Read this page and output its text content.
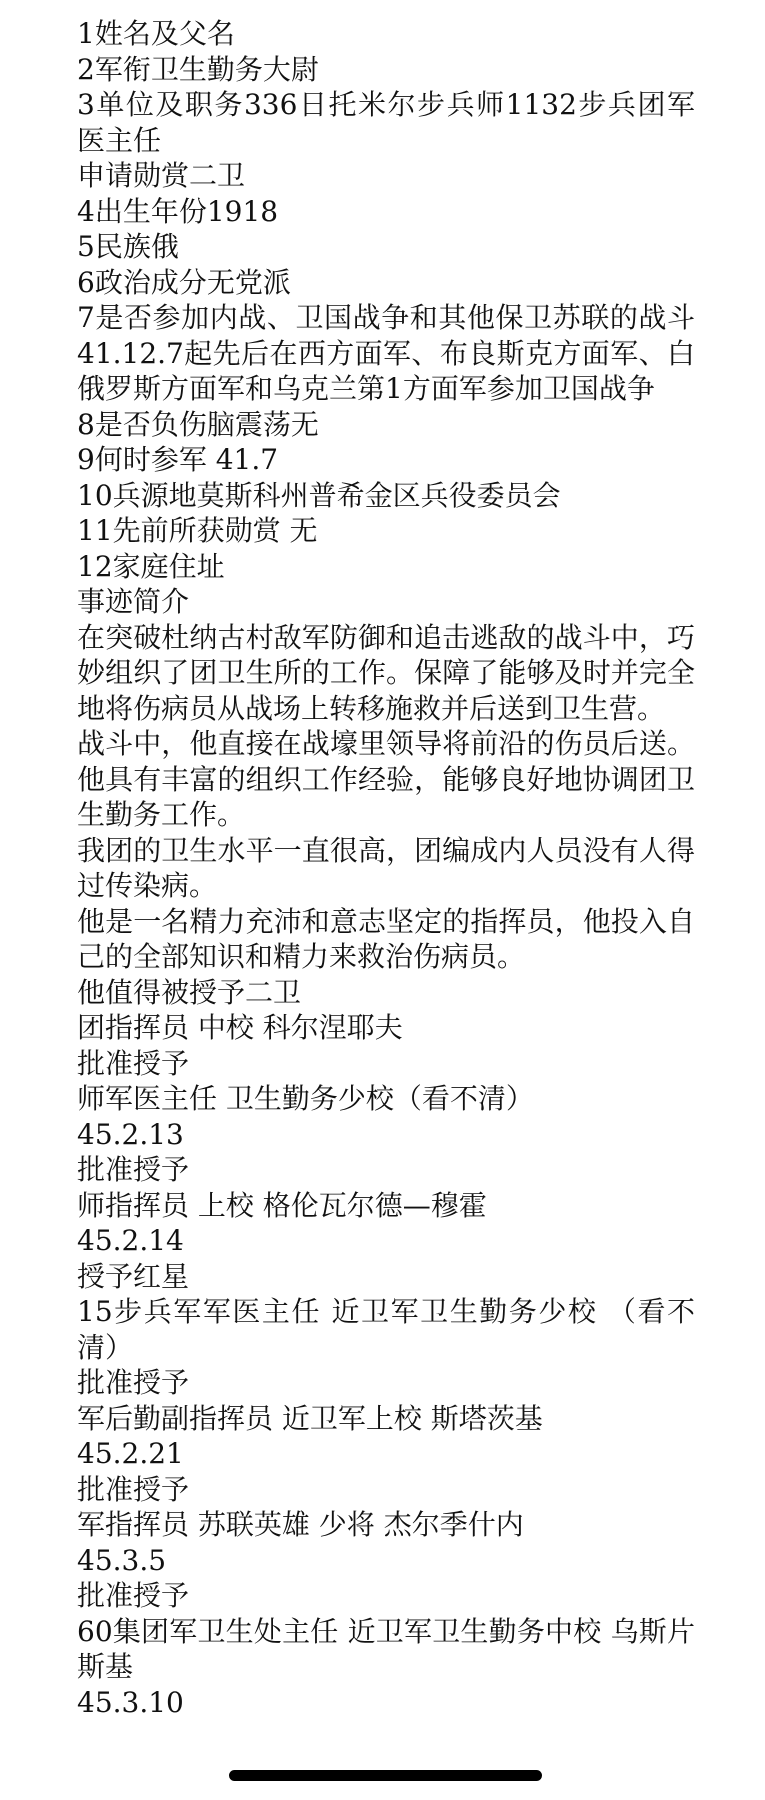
1姓名及父名

2军衔卫生勤务大尉

3单位及职务336日托米尔步兵师1132步兵团军医主任

申请勋赏二卫

4出生年份1918

5民族俄

6政治成分无党派

7是否参加内战、卫国战争和其他保卫苏联的战斗41.12.7起先后在西方面军、布良斯克方面军、白俄罗斯方面军和乌克兰第1方面军参加卫国战争

8是否负伤脑震荡无

9何时参军 41.7

10兵源地莫斯科州普希金区兵役委员会

11先前所获勋赏 无

12家庭住址

事迹简介

在突破杜纳古村敌军防御和追击逃敌的战斗中，巧妙组织了团卫生所的工作。保障了能够及时并完全地将伤病员从战场上转移施救并后送到卫生营。

战斗中，他直接在战壕里领导将前沿的伤员后送。他具有丰富的组织工作经验，能够良好地协调团卫生勤务工作。

我团的卫生水平一直很高，团编成内人员没有人得过传染病。

他是一名精力充沛和意志坚定的指挥员，他投入自己的全部知识和精力来救治伤病员。

他值得被授予二卫

团指挥员 中校 科尔涅耶夫

批准授予

师军医主任 卫生勤务少校（看不清）

45.2.13

批准授予

师指挥员 上校 格伦瓦尔德—穆霍

45.2.14

授予红星

15步兵军军医主任 近卫军卫生勤务少校 （看不清）

批准授予

军后勤副指挥员 近卫军上校 斯塔茨基

45.2.21

批准授予

军指挥员 苏联英雄 少将 杰尔季什内

45.3.5

批准授予

60集团军卫生处主任 近卫军卫生勤务中校 乌斯片斯基

45.3.10
